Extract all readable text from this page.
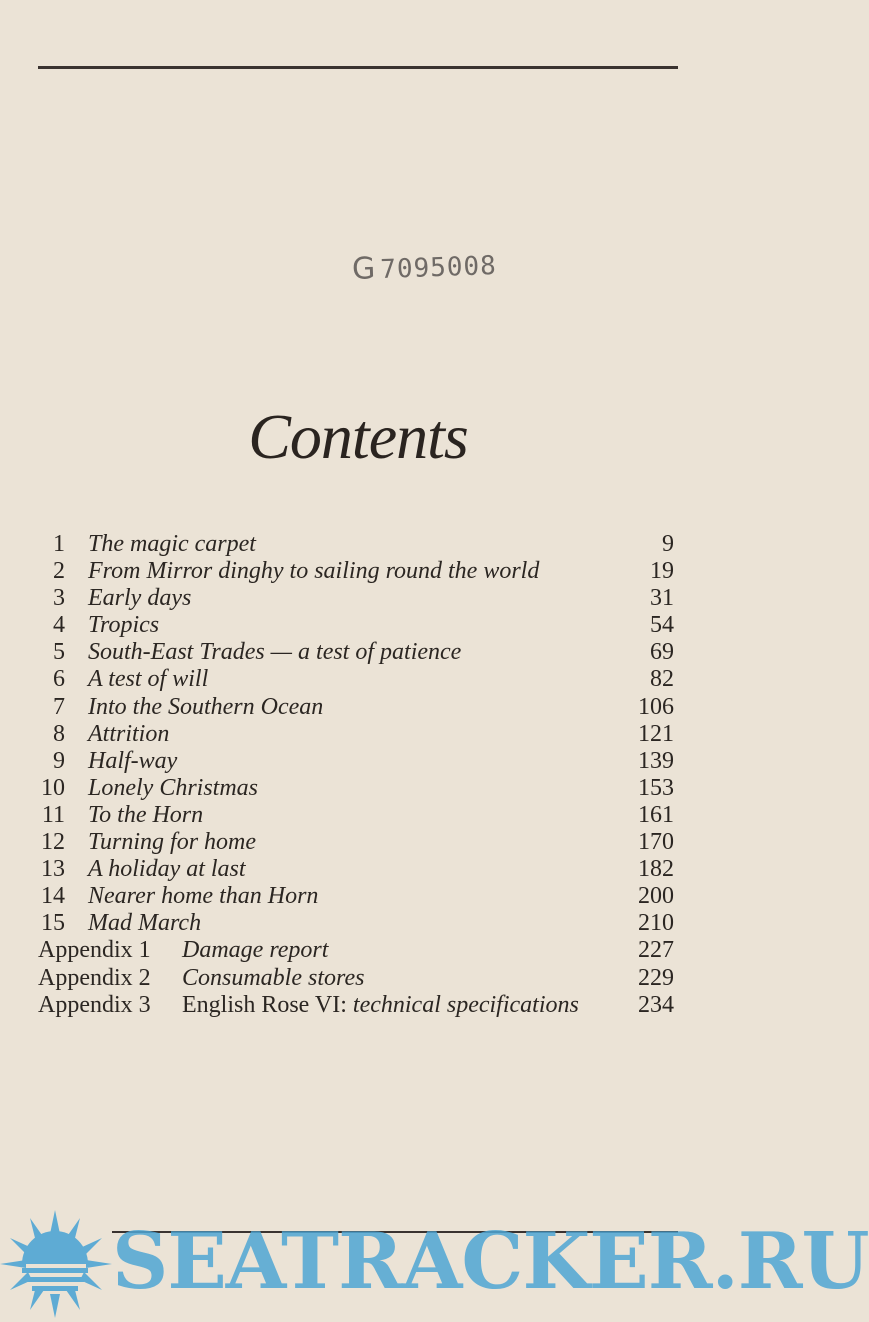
G 7095008
Contents
1 The magic carpet	9
2 From Mirror dinghy to sailing round the world	19
3 Early days	31
4 Tropics	54
5 South-East Trades — a test of patience	69
6 A test of will	82
7 Into the Southern Ocean	106
8 Attrition	121
9 Half-way	139
10 Lonely Christmas	153
11 To the Horn	161
12 Turning for home	170
13 A holiday at last	182
14 Nearer home than Horn	200
15 Mad March	210
Appendix 1 Damage report	227
Appendix 2 Consumable stores	229
Appendix 3 English Rose VI: technical specifications 234
SEATRACKER.RU
